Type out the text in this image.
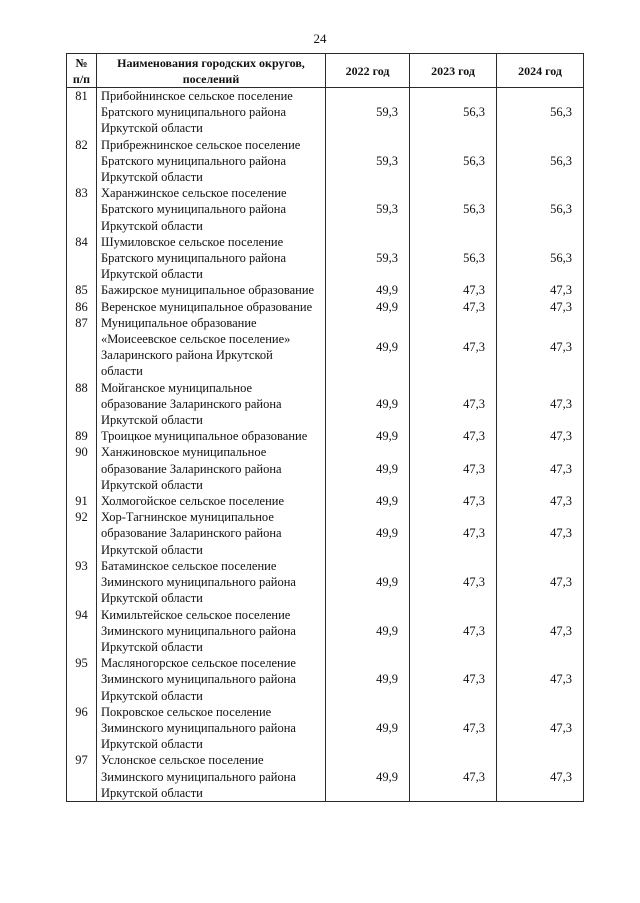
24
№
п/п	Наименования городских округов,
поселений	2022 год	2023 год	2024 год
81	Прибойнинское сельское поселение
Братского муниципального района
Иркутской области	59,3	56,3	56,3
82	Прибрежнинское сельское поселение
Братского муниципального района
Иркутской области	59,3	56,3	56,3
83	Харанжинское сельское поселение
Братского муниципального района
Иркутской области	59,3	56,3	56,3
84	Шумиловское сельское поселение
Братского муниципального района
Иркутской области	59,3	56,3	56,3
85	Бажирское муниципальное образование	49,9	47,3	47,3
86	Веренское муниципальное образование	49,9	47,3	47,3
87	Муниципальное образование
«Моисеевское сельское поселение»
Заларинского района Иркутской
области	49,9	47,3	47,3
88	Мойганское муниципальное
образование Заларинского района
Иркутской области	49,9	47,3	47,3
89	Троицкое муниципальное образование	49,9	47,3	47,3
90	Ханжиновское муниципальное
образование Заларинского района
Иркутской области	49,9	47,3	47,3
91	Холмогойское сельское поселение	49,9	47,3	47,3
92	Хор-Тагнинское муниципальное
образование Заларинского района
Иркутской области	49,9	47,3	47,3
93	Батаминское сельское поселение
Зиминского муниципального района
Иркутской области	49,9	47,3	47,3
94	Кимильтейское сельское поселение
Зиминского муниципального района
Иркутской области	49,9	47,3	47,3
95	Масляногорское сельское поселение
Зиминского муниципального района
Иркутской области	49,9	47,3	47,3
96	Покровское сельское поселение
Зиминского муниципального района
Иркутской области	49,9	47,3	47,3
97	Услонское сельское поселение
Зиминского муниципального района
Иркутской области	49,9	47,3	47,3
